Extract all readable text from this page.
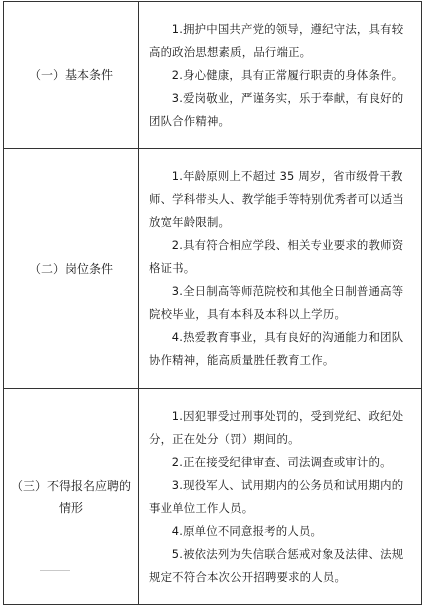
（一）基本条件	1.拥护中国共产党的领导，遵纪守法，具有较高的政治思想素质，品行端正。

2.身心健康，具有正常履行职责的身体条件。

3.爱岗敬业，严谨务实，乐于奉献，有良好的团队合作精神。

（二）岗位条件	1.年龄原则上不超过 35 周岁，省市级骨干教师、学科带头人、教学能手等特别优秀者可以适当放宽年龄限制。

2.具有符合相应学段、相关专业要求的教师资格证书。

3.全日制高等师范院校和其他全日制普通高等院校毕业，具有本科及本科以上学历。

4.热爱教育事业，具有良好的沟通能力和团队协作精神，能高质量胜任教育工作。

（三）不得报名应聘的情形	1.因犯罪受过刑事处罚的，受到党纪、政纪处分，正在处分（罚）期间的。

2.正在接受纪律审查、司法调查或审计的。

3.现役军人、试用期内的公务员和试用期内的事业单位工作人员。

4.原单位不同意报考的人员。

5.被依法列为失信联合惩戒对象及法律、法规规定不符合本次公开招聘要求的人员。
